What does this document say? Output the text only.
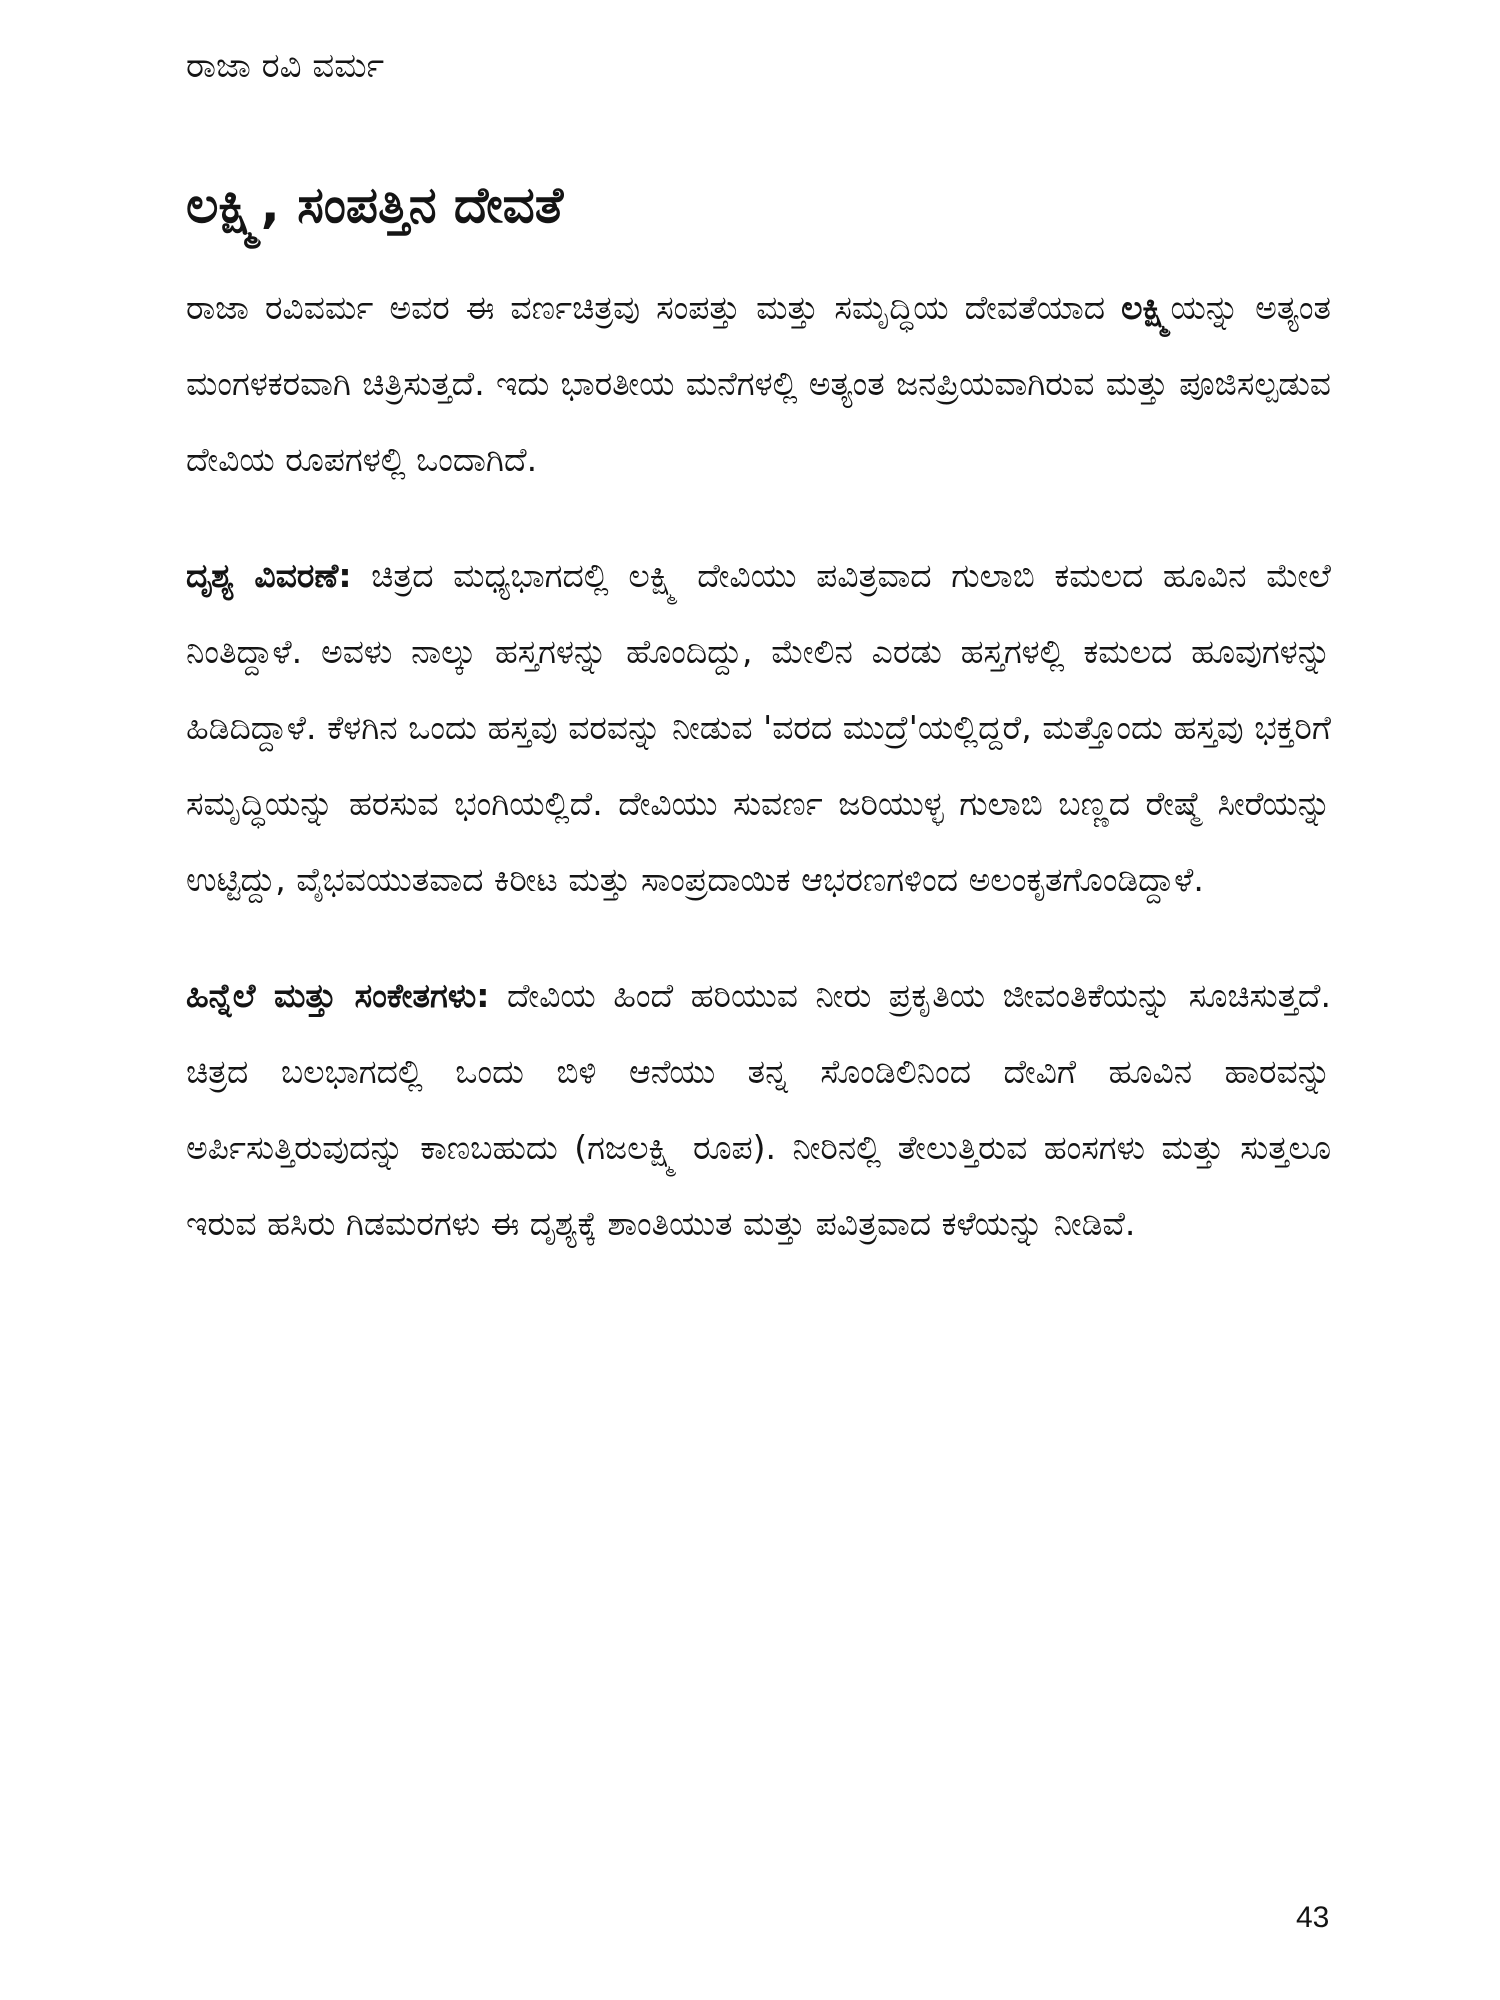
ರಾಜಾ ರವಿ ವರ್ಮ
ಲಕ್ಷ್ಮಿ, ಸಂಪತ್ತಿನ ದೇವತೆ

ರಾಜಾ ರವಿವರ್ಮ ಅವರ ಈ ವರ್ಣಚಿತ್ರವು ಸಂಪತ್ತು ಮತ್ತು ಸಮೃದ್ಧಿಯ ದೇವತೆಯಾದ ಲಕ್ಷ್ಮಿಯನ್ನು ಅತ್ಯಂತ ಮಂಗಳಕರವಾಗಿ ಚಿತ್ರಿಸುತ್ತದೆ. ಇದು ಭಾರತೀಯ ಮನೆಗಳಲ್ಲಿ ಅತ್ಯಂತ ಜನಪ್ರಿಯವಾಗಿರುವ ಮತ್ತು ಪೂಜಿಸಲ್ಪಡುವ ದೇವಿಯ ರೂಪಗಳಲ್ಲಿ ಒಂದಾಗಿದೆ.

ದೃಶ್ಯ ವಿವರಣೆ: ಚಿತ್ರದ ಮಧ್ಯಭಾಗದಲ್ಲಿ ಲಕ್ಷ್ಮಿ ದೇವಿಯು ಪವಿತ್ರವಾದ ಗುಲಾಬಿ ಕಮಲದ ಹೂವಿನ ಮೇಲೆ ನಿಂತಿದ್ದಾಳೆ. ಅವಳು ನಾಲ್ಕು ಹಸ್ತಗಳನ್ನು ಹೊಂದಿದ್ದು, ಮೇಲಿನ ಎರಡು ಹಸ್ತಗಳಲ್ಲಿ ಕಮಲದ ಹೂವುಗಳನ್ನು ಹಿಡಿದಿದ್ದಾಳೆ. ಕೆಳಗಿನ ಒಂದು ಹಸ್ತವು ವರವನ್ನು ನೀಡುವ 'ವರದ ಮುದ್ರೆ'ಯಲ್ಲಿದ್ದರೆ, ಮತ್ತೊಂದು ಹಸ್ತವು ಭಕ್ತರಿಗೆ ಸಮೃದ್ಧಿಯನ್ನು ಹರಸುವ ಭಂಗಿಯಲ್ಲಿದೆ. ದೇವಿಯು ಸುವರ್ಣ ಜರಿಯುಳ್ಳ ಗುಲಾಬಿ ಬಣ್ಣದ ರೇಷ್ಮೆ ಸೀರೆಯನ್ನು ಉಟ್ಟಿದ್ದು, ವೈಭವಯುತವಾದ ಕಿರೀಟ ಮತ್ತು ಸಾಂಪ್ರದಾಯಿಕ ಆಭರಣಗಳಿಂದ ಅಲಂಕೃತಗೊಂಡಿದ್ದಾಳೆ.

ಹಿನ್ನೆಲೆ ಮತ್ತು ಸಂಕೇತಗಳು: ದೇವಿಯ ಹಿಂದೆ ಹರಿಯುವ ನೀರು ಪ್ರಕೃತಿಯ ಜೀವಂತಿಕೆಯನ್ನು ಸೂಚಿಸುತ್ತದೆ. ಚಿತ್ರದ ಬಲಭಾಗದಲ್ಲಿ ಒಂದು ಬಿಳಿ ಆನೆಯು ತನ್ನ ಸೊಂಡಿಲಿನಿಂದ ದೇವಿಗೆ ಹೂವಿನ ಹಾರವನ್ನು ಅರ್ಪಿಸುತ್ತಿರುವುದನ್ನು ಕಾಣಬಹುದು (ಗಜಲಕ್ಷ್ಮಿ ರೂಪ). ನೀರಿನಲ್ಲಿ ತೇಲುತ್ತಿರುವ ಹಂಸಗಳು ಮತ್ತು ಸುತ್ತಲೂ ಇರುವ ಹಸಿರು ಗಿಡಮರಗಳು ಈ ದೃಶ್ಯಕ್ಕೆ ಶಾಂತಿಯುತ ಮತ್ತು ಪವಿತ್ರವಾದ ಕಳೆಯನ್ನು ನೀಡಿವೆ.

43
